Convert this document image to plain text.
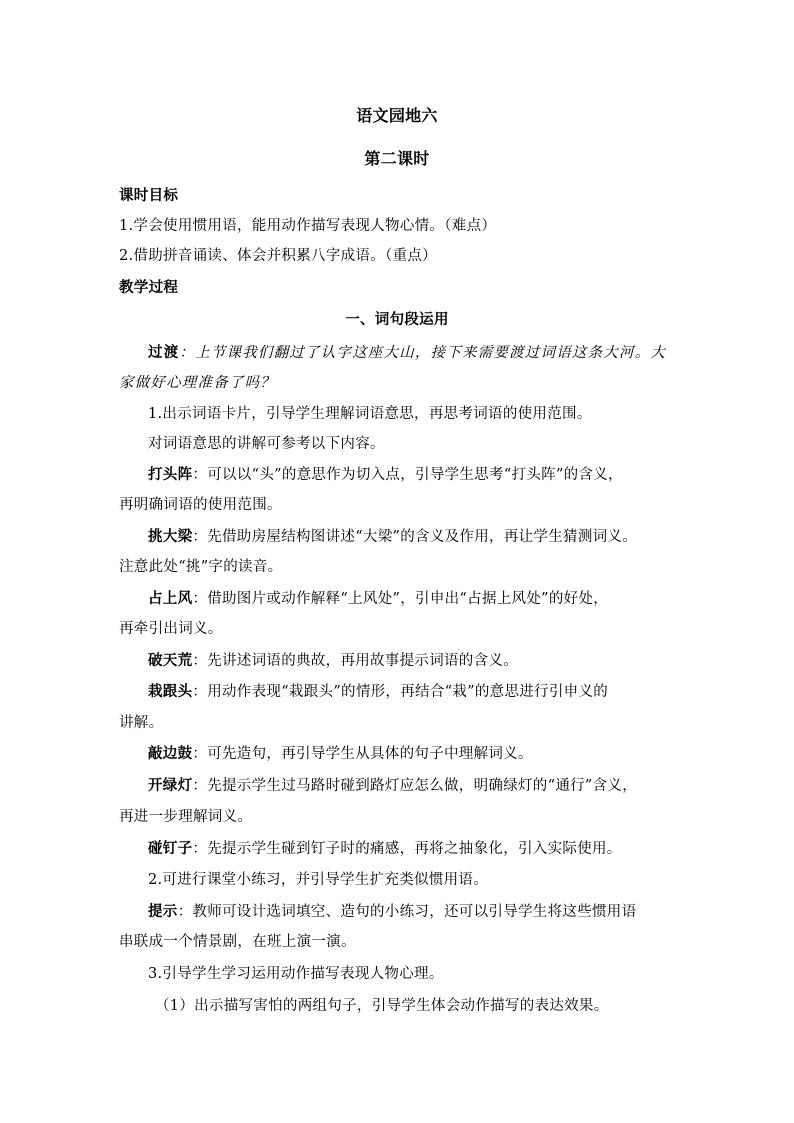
语文园地六
第二课时
课时目标
1.学会使用惯用语，能用动作描写表现人物心情。（难点）
2.借助拼音诵读、体会并积累八字成语。（重点）
教学过程
一、词句段运用
过渡：上节课我们翻过了认字这座大山，接下来需要渡过词语这条大河。大
家做好心理准备了吗？
1.出示词语卡片，引导学生理解词语意思，再思考词语的使用范围。
对词语意思的讲解可参考以下内容。
打头阵：可以以“头”的意思作为切入点，引导学生思考“打头阵”的含义，
再明确词语的使用范围。
挑大梁：先借助房屋结构图讲述“大梁”的含义及作用，再让学生猜测词义。
注意此处“挑”字的读音。
占上风：借助图片或动作解释“上风处”，引申出“占据上风处”的好处，
再牵引出词义。
破天荒：先讲述词语的典故，再用故事提示词语的含义。
栽跟头：用动作表现“栽跟头”的情形，再结合“栽”的意思进行引申义的
讲解。
敲边鼓：可先造句，再引导学生从具体的句子中理解词义。
开绿灯：先提示学生过马路时碰到路灯应怎么做，明确绿灯的“通行”含义，
再进一步理解词义。
碰钉子：先提示学生碰到钉子时的痛感，再将之抽象化，引入实际使用。
2.可进行课堂小练习，并引导学生扩充类似惯用语。
提示：教师可设计选词填空、造句的小练习，还可以引导学生将这些惯用语
串联成一个情景剧，在班上演一演。
3.引导学生学习运用动作描写表现人物心理。
（1）出示描写害怕的两组句子，引导学生体会动作描写的表达效果。
